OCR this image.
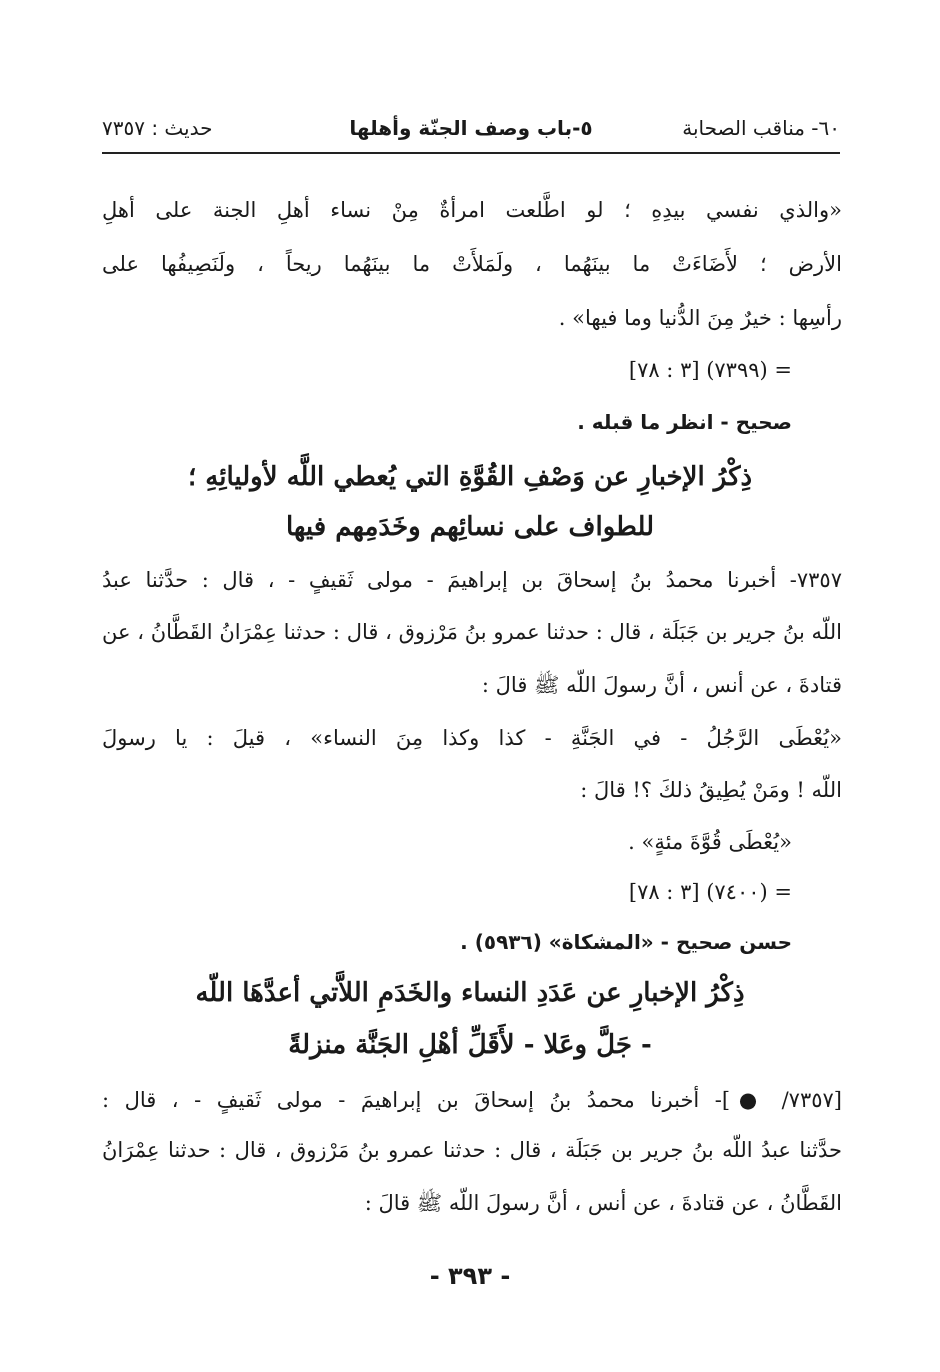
٦٠- مناقب الصحابة
٥-باب وصف الجنّة وأهلها
حديث : ٧٣٥٧
«والذي نفسي بيدِهِ ؛ لو اطَّلعت امرأةٌ مِنْ نساء أهلِ الجنة على أهلِ
الأرض ؛ لأَضَاءَتْ ما بينَهُما ، ولَمَلأَتْ ما بينَهُما ريحاً ، ولَنَصِيفُها على
رأسِها : خيرٌ مِنَ الدُّنيا وما فيها» .
= (٧٣٩٩) [٣ : ٧٨]
صحيح - انظر ما قبله .
ذِكْرُ الإخبارِ عن وَصْفِ القُوَّةِ التي يُعطي اللَّه لأوليائِهِ ؛
للطواف على نسائِهم وخَدَمِهم فيها
٧٣٥٧- أخبرنا محمدُ بنُ إسحاقَ بن إبراهيمَ - مولى ثَقيفٍ - ، قال : حدَّثنا عبدُ
اللّه بنُ جرير بن جَبَلَة ، قال : حدثنا عمرو بنُ مَرْزوق ، قال : حدثنا عِمْرَانُ القَطَّانُ ، عن
قتادةَ ، عن أنس ، أنَّ رسولَ اللّه ﷺ قالَ :
«يُعْطَى الرَّجُلُ - في الجَنَّةِ - كذا وكذا مِنَ النساء» ، قيلَ : يا رسولَ
اللّه ! ومَنْ يُطِيقُ ذلكَ ؟! قالَ :
«يُعْطَى قُوَّةَ مئةٍ» .
= (٧٤٠٠) [٣ : ٧٨]
حسن صحيح - «المشكاة» (٥٩٣٦) .
ذِكْرُ الإخبارِ عن عَدَدِ النساء والخَدَمِ اللاَّتي أعدَّهَا اللّه
- جَلَّ وعَلا - لأَقَلِّ أهْلِ الجَنَّة منزلةً
[٧٣٥٧/ ●]- أخبرنا محمدُ بنُ إسحاقَ بن إبراهيمَ - مولى ثَقيفٍ - ، قال :
حدَّثنا عبدُ اللّه بنُ جرير بن جَبَلَة ، قال : حدثنا عمرو بنُ مَرْزوق ، قال : حدثنا عِمْرَانُ
القَطَّانُ ، عن قتادةَ ، عن أنس ، أنَّ رسولَ اللّه ﷺ قالَ :
- ٣٩٣ -
